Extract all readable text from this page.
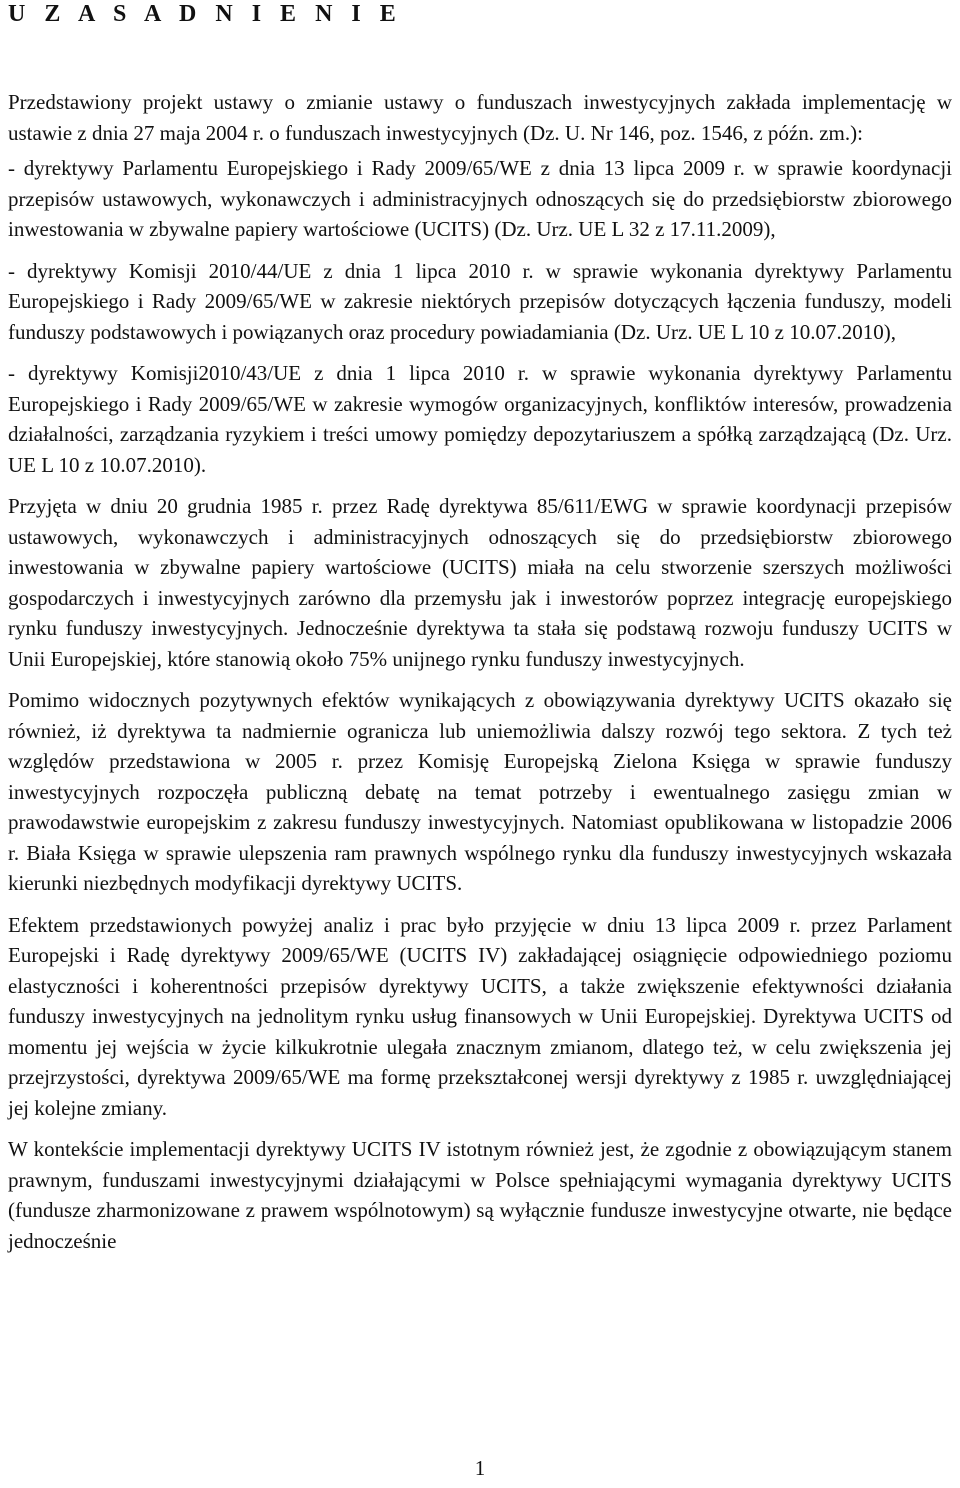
U Z A S A D N I E N I E

Przedstawiony projekt ustawy o zmianie ustawy o funduszach inwestycyjnych zakłada implementację w ustawie z dnia 27 maja 2004 r. o funduszach inwestycyjnych (Dz. U. Nr 146, poz. 1546, z późn. zm.):

- dyrektywy Parlamentu Europejskiego i Rady 2009/65/WE z dnia 13 lipca 2009 r. w sprawie koordynacji przepisów ustawowych, wykonawczych i administracyjnych odnoszących się do przedsiębiorstw zbiorowego inwestowania w zbywalne papiery wartościowe (UCITS) (Dz. Urz. UE L 32 z 17.11.2009),

- dyrektywy Komisji 2010/44/UE z dnia 1 lipca 2010 r. w sprawie wykonania dyrektywy Parlamentu Europejskiego i Rady 2009/65/WE w zakresie niektórych przepisów dotyczących łączenia funduszy, modeli funduszy podstawowych i powiązanych oraz procedury powiadamiania (Dz. Urz. UE L 10 z 10.07.2010),

- dyrektywy Komisji2010/43/UE z dnia 1 lipca 2010 r. w sprawie wykonania dyrektywy Parlamentu Europejskiego i Rady 2009/65/WE w zakresie wymogów organizacyjnych, konfliktów interesów, prowadzenia działalności, zarządzania ryzykiem i treści umowy pomiędzy depozytariuszem a spółką zarządzającą (Dz. Urz. UE L 10 z 10.07.2010).

Przyjęta w dniu 20 grudnia 1985 r. przez Radę dyrektywa 85/611/EWG w sprawie koordynacji przepisów ustawowych, wykonawczych i administracyjnych odnoszących się do przedsiębiorstw zbiorowego inwestowania w zbywalne papiery wartościowe (UCITS) miała na celu stworzenie szerszych możliwości gospodarczych i inwestycyjnych zarówno dla przemysłu jak i inwestorów poprzez integrację europejskiego rynku funduszy inwestycyjnych. Jednocześnie dyrektywa ta stała się podstawą rozwoju funduszy UCITS w Unii Europejskiej, które stanowią około 75% unijnego rynku funduszy inwestycyjnych.

Pomimo widocznych pozytywnych efektów wynikających z obowiązywania dyrektywy UCITS okazało się również, iż dyrektywa ta nadmiernie ogranicza lub uniemożliwia dalszy rozwój tego sektora. Z tych też względów przedstawiona w 2005 r. przez Komisję Europejską Zielona Księga w sprawie funduszy inwestycyjnych rozpoczęła publiczną debatę na temat potrzeby i ewentualnego zasięgu zmian w prawodawstwie europejskim z zakresu funduszy inwestycyjnych. Natomiast opublikowana w listopadzie 2006 r. Biała Księga w sprawie ulepszenia ram prawnych wspólnego rynku dla funduszy inwestycyjnych wskazała kierunki niezbędnych modyfikacji dyrektywy UCITS.

Efektem przedstawionych powyżej analiz i prac było przyjęcie w dniu 13 lipca 2009 r. przez Parlament Europejski i Radę dyrektywy 2009/65/WE (UCITS IV) zakładającej osiągnięcie odpowiedniego poziomu elastyczności i koherentności przepisów dyrektywy UCITS, a także zwiększenie efektywności działania funduszy inwestycyjnych na jednolitym rynku usług finansowych w Unii Europejskiej. Dyrektywa UCITS od momentu jej wejścia w życie kilkukrotnie ulegała znacznym zmianom, dlatego też, w celu zwiększenia jej przejrzystości, dyrektywa 2009/65/WE ma formę przekształconej wersji dyrektywy z 1985 r. uwzględniającej jej kolejne zmiany.

W kontekście implementacji dyrektywy UCITS IV istotnym również jest, że zgodnie z obowiązującym stanem prawnym, funduszami inwestycyjnymi działającymi w Polsce spełniającymi wymagania dyrektywy UCITS (fundusze zharmonizowane z prawem wspólnotowym) są wyłącznie fundusze inwestycyjne otwarte, nie będące jednocześnie

1
